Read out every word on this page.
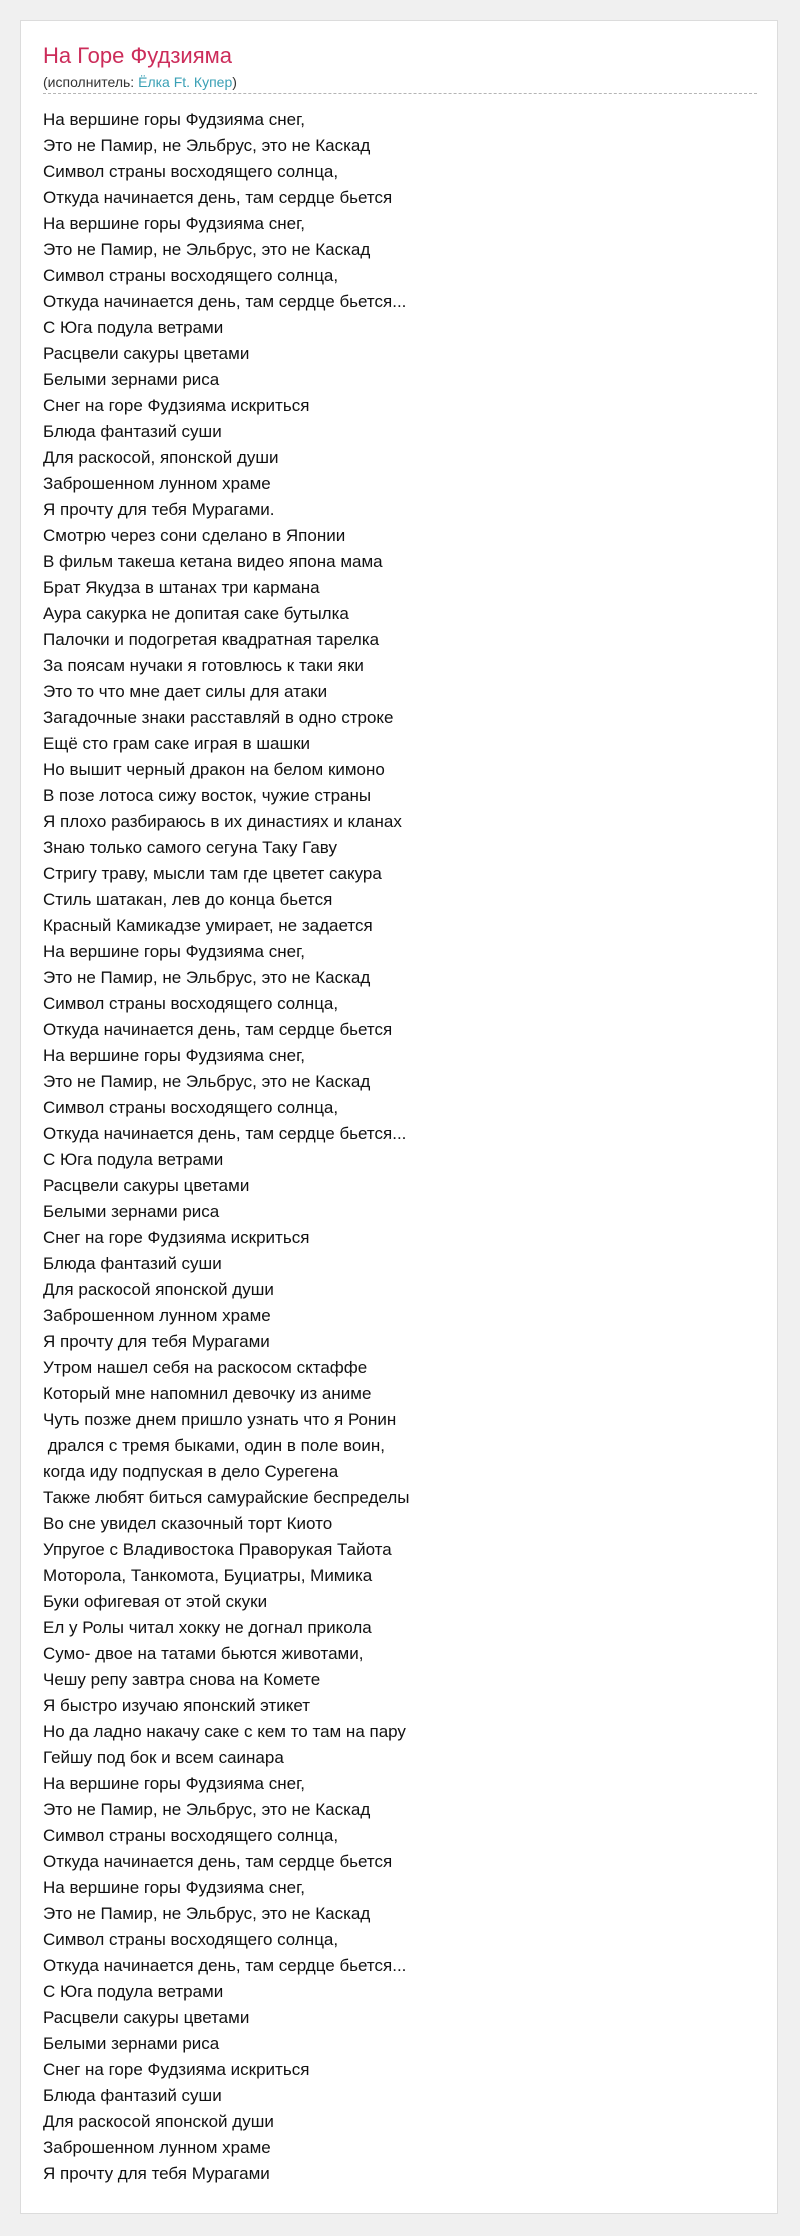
На Горе Фудзияма
(исполнитель: Ёлка Ft. Купер)
На вершине горы Фудзияма снег,
Это не Памир, не Эльбрус, это не Каскад
Символ страны восходящего солнца,
Откуда начинается день, там сердце бьется
На вершине горы Фудзияма снег,
Это не Памир, не Эльбрус, это не Каскад
Символ страны восходящего солнца,
Откуда начинается день, там сердце бьется...
С Юга подула ветрами
Расцвели сакуры цветами
Белыми зернами риса
Снег на горе Фудзияма искриться
Блюда фантазий суши
Для раскосой, японской души
Заброшенном лунном храме
Я прочту для тебя Мурагами.
Смотрю через сони сделано в Японии
В фильм такеша кетана видео япона мама
Брат Якудза в штанах три кармана
Аура сакурка не допитая саке бутылка
Палочки и подогретая квадратная тарелка
За поясам нучаки я готовлюсь к таки яки
Это то что мне дает силы для атаки
Загадочные знаки расставляй в одно строке
Ещё сто грам саке играя в шашки
Но вышит черный дракон на белом кимоно
В позе лотоса сижу восток, чужие страны
Я плохо разбираюсь в их династиях и кланах
Знаю только самого сегуна Таку Гаву
Стригу траву, мысли там где цветет сакура
Стиль шатакан, лев до конца бьется
Красный Камикадзе умирает, не задается
На вершине горы Фудзияма снег,
Это не Памир, не Эльбрус, это не Каскад
Символ страны восходящего солнца,
Откуда начинается день, там сердце бьется
На вершине горы Фудзияма снег,
Это не Памир, не Эльбрус, это не Каскад
Символ страны восходящего солнца,
Откуда начинается день, там сердце бьется...
С Юга подула ветрами
Расцвели сакуры цветами
Белыми зернами риса
Снег на горе Фудзияма искриться
Блюда фантазий суши
Для раскосой японской души
Заброшенном лунном храме
Я прочту для тебя Мурагами
Утром нашел себя на раскосом сктаффе
Который мне напомнил девочку из аниме
Чуть позже днем пришло узнать что я Ронин
дрался с тремя быками, один в поле воин,
когда иду подпуская в дело Сурегена
Также любят биться самурайские беспределы
Во сне увидел сказочный торт Киото
Упругое с Владивостока Праворукая Тайота
Моторола, Танкомота, Буциатры, Мимика
Буки офигевая от этой скуки
Ел у Ролы читал хокку не догнал прикола
Сумо- двое на татами бьются животами,
Чешу репу завтра снова на Комете
Я быстро изучаю японский этикет
Но да ладно накачу саке с кем то там на пару
Гейшу под бок и всем саинара
На вершине горы Фудзияма снег,
Это не Памир, не Эльбрус, это не Каскад
Символ страны восходящего солнца,
Откуда начинается день, там сердце бьется
На вершине горы Фудзияма снег,
Это не Памир, не Эльбрус, это не Каскад
Символ страны восходящего солнца,
Откуда начинается день, там сердце бьется...
С Юга подула ветрами
Расцвели сакуры цветами
Белыми зернами риса
Снег на горе Фудзияма искриться
Блюда фантазий суши
Для раскосой японской души
Заброшенном лунном храме
Я прочту для тебя Мурагами
